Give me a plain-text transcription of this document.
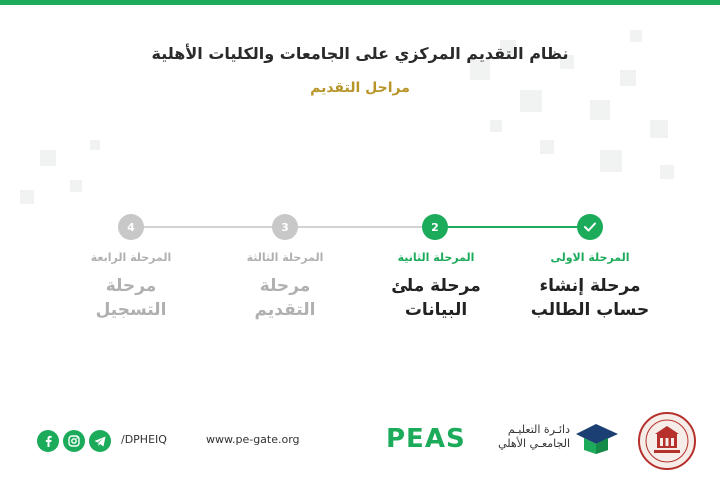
نظام التقديم المركزي على الجامعات والكليات الأهلية
مراحل التقديم
2
3
4
المرحلة الاولى
مرحلة إنشاء
حساب الطالب
المرحلة الثانية
مرحلة ملئ
البيانات
المرحلة الثالثة
مرحلة
التقديم
المرحلة الرابعة
مرحلة
التسجيل
/DPHEIQ	www.pe-gate.org	PEAS	دائـرة التعليـم
الجامعـي الأهلي
